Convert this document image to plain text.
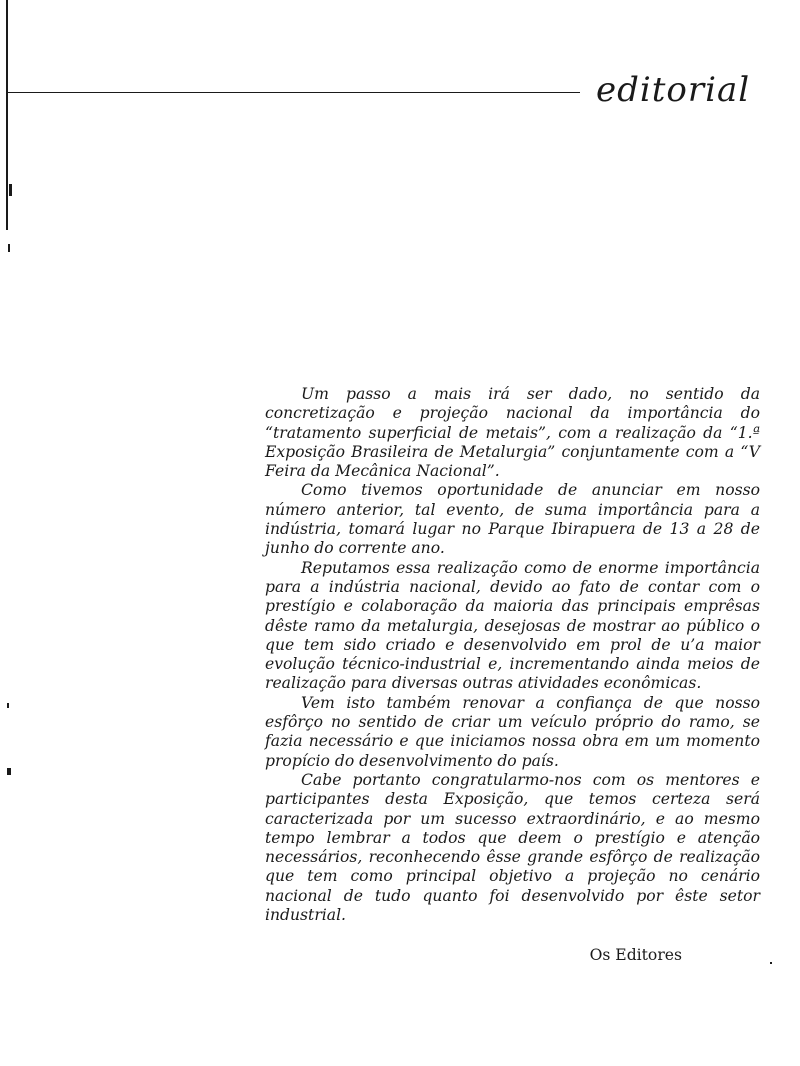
editorial

Um passo a mais irá ser dado, no sentido da concretização e projeção nacional da importância do “tratamento superficial de metais”, com a realização da “1.ª Exposição Brasileira de Metalurgia” conjuntamente com a “V Feira da Mecânica Nacional”.

Como tivemos oportunidade de anunciar em nosso número anterior, tal evento, de suma importância para a indústria, tomará lugar no Parque Ibirapuera de 13 a 28 de junho do corrente ano.

Reputamos essa realização como de enorme importância para a indústria nacional, devido ao fato de contar com o prestígio e colaboração da maioria das principais emprêsas dêste ramo da metalurgia, desejosas de mostrar ao público o que tem sido criado e desenvolvido em prol de u’a maior evolução técnico-industrial e, incrementando ainda meios de realização para diversas outras atividades econômicas.

Vem isto também renovar a confiança de que nosso esfôrço no sentido de criar um veículo próprio do ramo, se fazia necessário e que iniciamos nossa obra em um momento propício do desenvolvimento do país.

Cabe portanto congratularmo-nos com os mentores e participantes desta Exposição, que temos certeza será caracterizada por um sucesso extraordinário, e ao mesmo tempo lembrar a todos que deem o prestígio e atenção necessários, reconhecendo êsse grande esfôrço de realização que tem como principal objetivo a projeção no cenário nacional de tudo quanto foi desenvolvido por êste setor industrial.

Os Editores
